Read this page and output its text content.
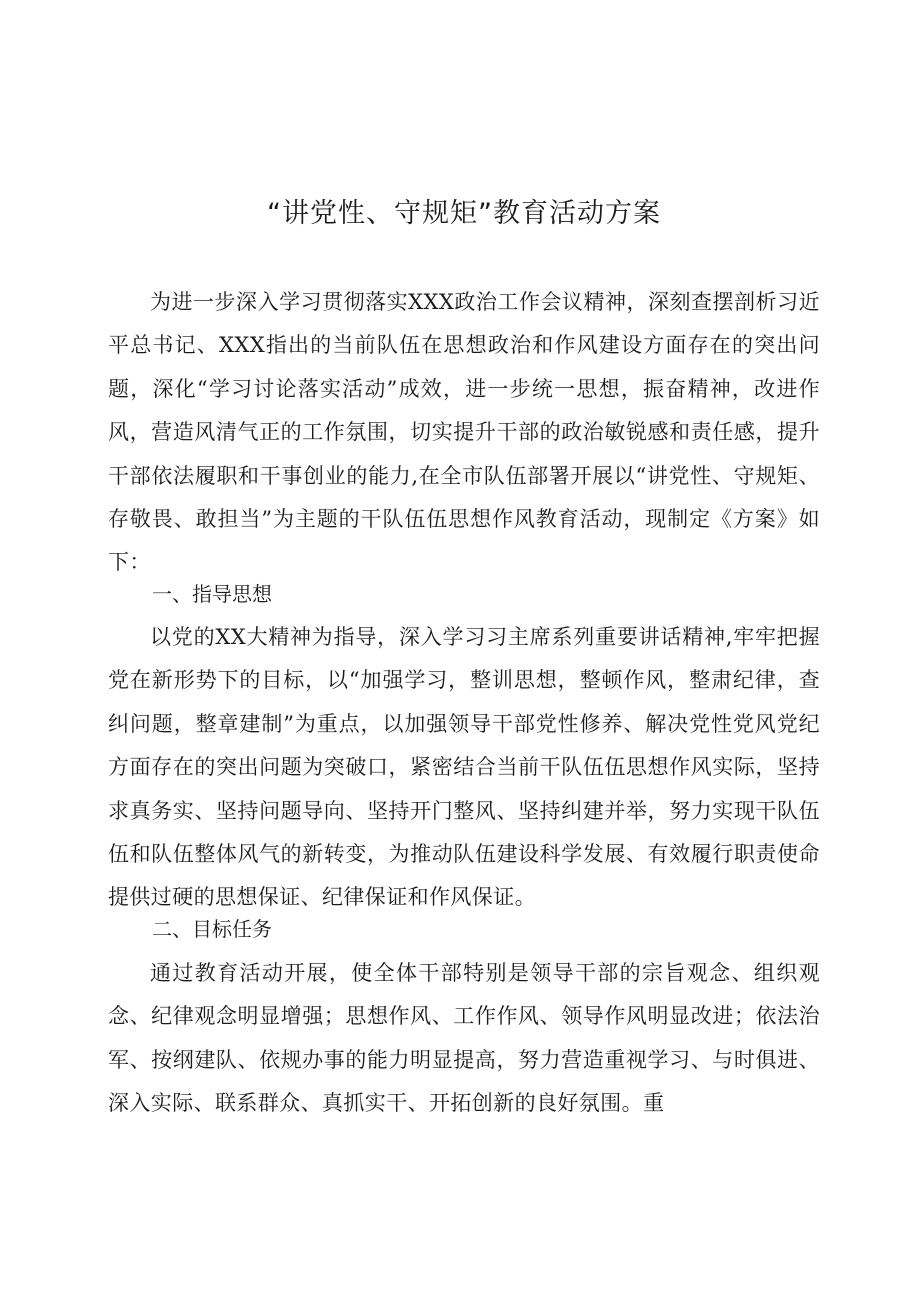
“讲党性、守规矩”教育活动方案

为进一步深入学习贯彻落实XXX政治工作会议精神，深刻查摆剖析习近平总书记、XXX指出的当前队伍在思想政治和作风建设方面存在的突出问题，深化“学习讨论落实活动”成效，进一步统一思想，振奋精神，改进作风，营造风清气正的工作氛围，切实提升干部的政治敏锐感和责任感，提升干部依法履职和干事创业的能力,在全市队伍部署开展以“讲党性、守规矩、存敬畏、敢担当”为主题的干队伍伍思想作风教育活动，现制定《方案》如下：

一、指导思想

以党的XX大精神为指导，深入学习习主席系列重要讲话精神,牢牢把握党在新形势下的目标，以“加强学习，整训思想，整顿作风，整肃纪律，查纠问题，整章建制”为重点，以加强领导干部党性修养、解决党性党风党纪方面存在的突出问题为突破口，紧密结合当前干队伍伍思想作风实际，坚持求真务实、坚持问题导向、坚持开门整风、坚持纠建并举，努力实现干队伍伍和队伍整体风气的新转变，为推动队伍建设科学发展、有效履行职责使命提供过硬的思想保证、纪律保证和作风保证。

二、目标任务

通过教育活动开展，使全体干部特别是领导干部的宗旨观念、组织观念、纪律观念明显增强；思想作风、工作作风、领导作风明显改进；依法治军、按纲建队、依规办事的能力明显提高，努力营造重视学习、与时俱进、深入实际、联系群众、真抓实干、开拓创新的良好氛围。重
